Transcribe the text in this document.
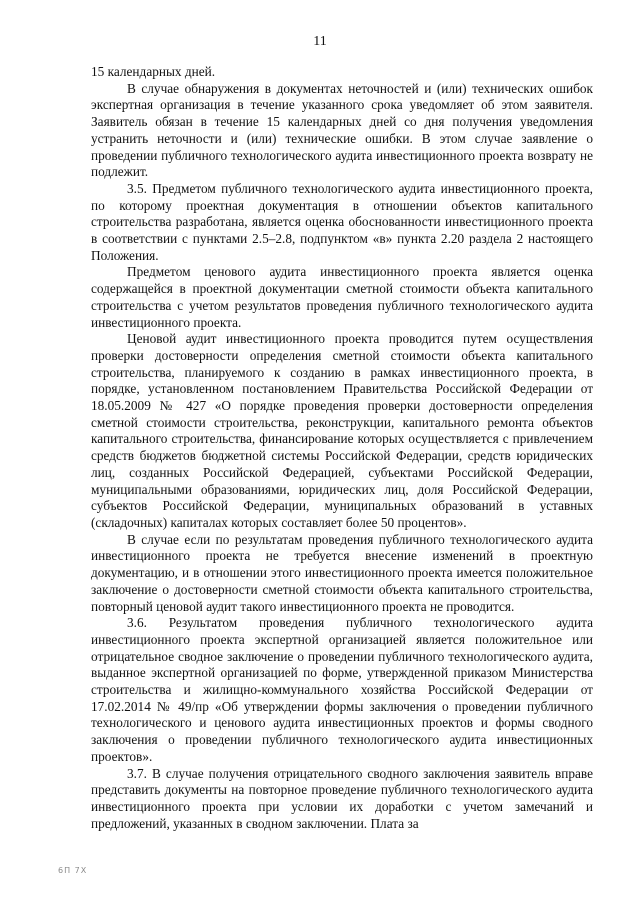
11

15 календарных дней.

В случае обнаружения в документах неточностей и (или) технических ошибок экспертная организация в течение указанного срока уведомляет об этом заявителя. Заявитель обязан в течение 15 календарных дней со дня получения уведомления устранить неточности и (или) технические ошибки. В этом случае заявление о проведении публичного технологического аудита инвестиционного проекта возврату не подлежит.

3.5. Предметом публичного технологического аудита инвестиционного проекта, по которому проектная документация в отношении объектов капитального строительства разработана, является оценка обоснованности инвестиционного проекта в соответствии с пунктами 2.5–2.8, подпунктом «в» пункта 2.20 раздела 2 настоящего Положения.

Предметом ценового аудита инвестиционного проекта является оценка содержащейся в проектной документации сметной стоимости объекта капитального строительства с учетом результатов проведения публичного технологического аудита инвестиционного проекта.

Ценовой аудит инвестиционного проекта проводится путем осуществления проверки достоверности определения сметной стоимости объекта капитального строительства, планируемого к созданию в рамках инвестиционного проекта, в порядке, установленном постановлением Правительства Российской Федерации от 18.05.2009 № 427 «О порядке проведения проверки достоверности определения сметной стоимости строительства, реконструкции, капитального ремонта объектов капитального строительства, финансирование которых осуществляется с привлечением средств бюджетов бюджетной системы Российской Федерации, средств юридических лиц, созданных Российской Федерацией, субъектами Российской Федерации, муниципальными образованиями, юридических лиц, доля Российской Федерации, субъектов Российской Федерации, муниципальных образований в уставных (складочных) капиталах которых составляет более 50 процентов».

В случае если по результатам проведения публичного технологического аудита инвестиционного проекта не требуется внесение изменений в проектную документацию, и в отношении этого инвестиционного проекта имеется положительное заключение о достоверности сметной стоимости объекта капитального строительства, повторный ценовой аудит такого инвестиционного проекта не проводится.

3.6. Результатом проведения публичного технологического аудита инвестиционного проекта экспертной организацией является положительное или отрицательное сводное заключение о проведении публичного технологического аудита, выданное экспертной организацией по форме, утвержденной приказом Министерства строительства и жилищно-коммунального хозяйства Российской Федерации от 17.02.2014 № 49/пр «Об утверждении формы заключения о проведении публичного технологического и ценового аудита инвестиционных проектов и формы сводного заключения о проведении публичного технологического аудита инвестиционных проектов».

3.7. В случае получения отрицательного сводного заключения заявитель вправе представить документы на повторное проведение публичного технологического аудита инвестиционного проекта при условии их доработки с учетом замечаний и предложений, указанных в сводном заключении. Плата за

6П 7Х
